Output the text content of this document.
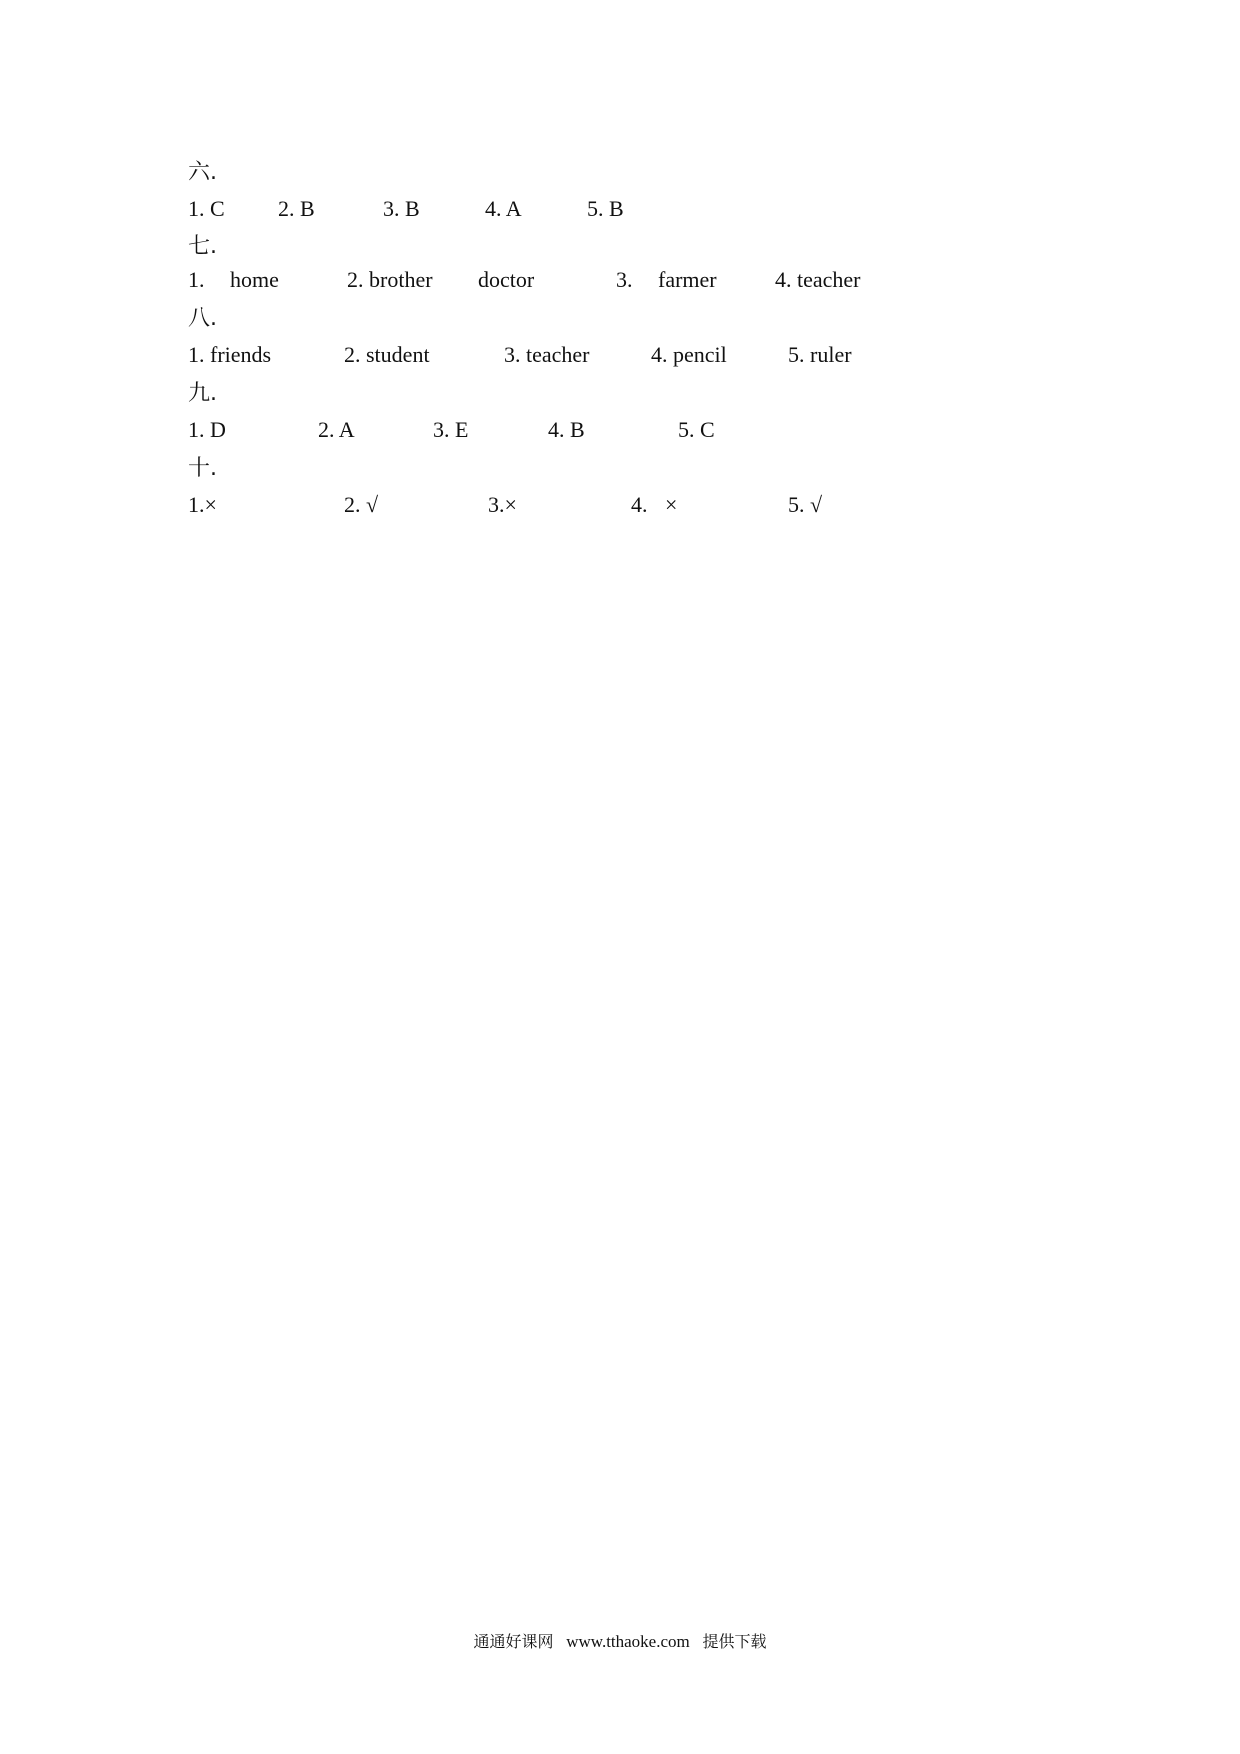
六.
1. C 2. B	3. B	4. A	5. B
七.
1. home	2. brother doctor	3. farmer	4. teacher
八.
1. friends	2. student	3. teacher	4. pencil	5. ruler
九.
1. D	2. A	3. E	4. B	5. C
十.
1.×	2. √	3.×	4. ×	5. √
通通好课网 www.tthaoke.com 提供下载
